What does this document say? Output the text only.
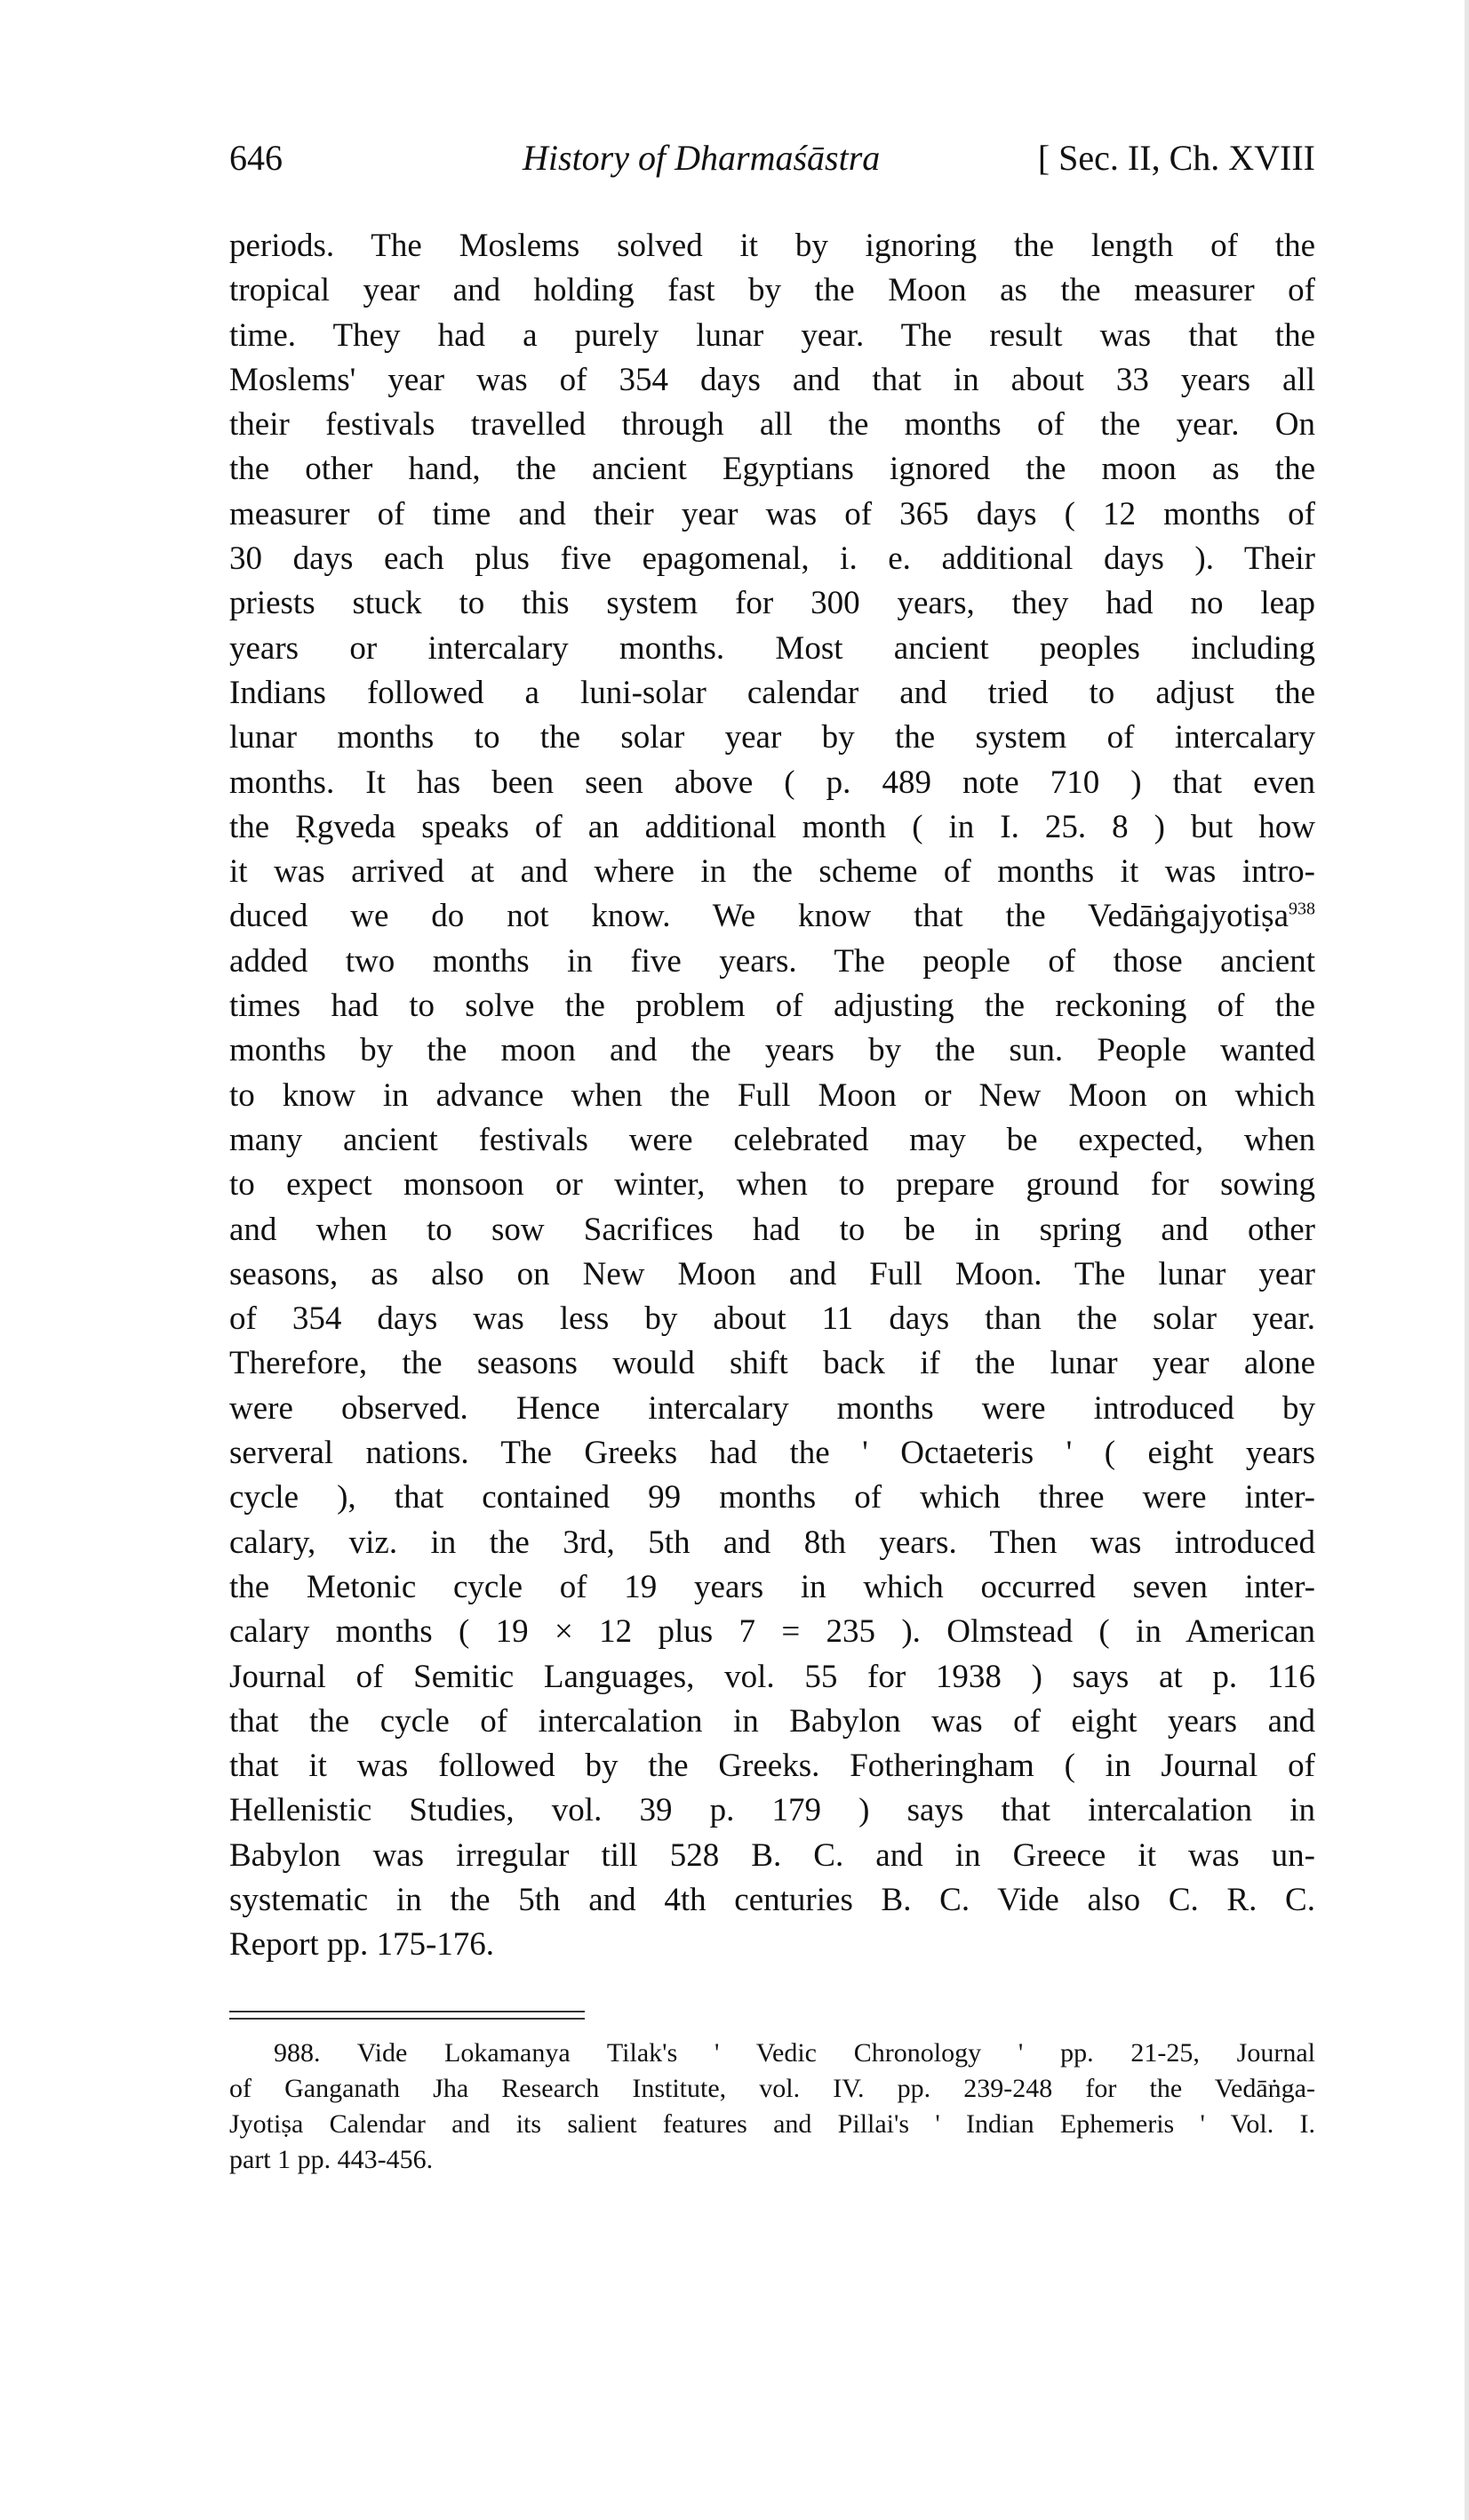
646	History of Dharmaśāstra	[ Sec. II, Ch. XVIII
periods. The Moslems solved it by ignoring the length of the
tropical year and holding fast by the Moon as the measurer of
time. They had a purely lunar year. The result was that the
Moslems' year was of 354 days and that in about 33 years all
their festivals travelled through all the months of the year. On
the other hand, the ancient Egyptians ignored the moon as the
measurer of time and their year was of 365 days ( 12 months of
30 days each plus five epagomenal, i. e. additional days ). Their
priests stuck to this system for 300 years, they had no leap
years or intercalary months. Most ancient peoples including
Indians followed a luni-solar calendar and tried to adjust the
lunar months to the solar year by the system of intercalary
months. It has been seen above ( p. 489 note 710 ) that even
the Ṛgveda speaks of an additional month ( in I. 25. 8 ) but how
it was arrived at and where in the scheme of months it was intro-
duced we do not know. We know that the Vedāṅgajyotiṣa$^{938}$
added two months in five years. The people of those ancient
times had to solve the problem of adjusting the reckoning of the
months by the moon and the years by the sun. People wanted
to know in advance when the Full Moon or New Moon on which
many ancient festivals were celebrated may be expected, when
to expect monsoon or winter, when to prepare ground for sowing
and when to sow Sacrifices had to be in spring and other
seasons, as also on New Moon and Full Moon. The lunar year
of 354 days was less by about 11 days than the solar year.
Therefore, the seasons would shift back if the lunar year alone
were observed. Hence intercalary months were introduced by
serveral nations. The Greeks had the ' Octaeteris ' ( eight years
cycle ), that contained 99 months of which three were inter-
calary, viz. in the 3rd, 5th and 8th years. Then was introduced
the Metonic cycle of 19 years in which occurred seven inter-
calary months ( 19 × 12 plus 7 = 235 ). Olmstead ( in American
Journal of Semitic Languages, vol. 55 for 1938 ) says at p. 116
that the cycle of intercalation in Babylon was of eight years and
that it was followed by the Greeks. Fotheringham ( in Journal of
Hellenistic Studies, vol. 39 p. 179 ) says that intercalation in
Babylon was irregular till 528 B. C. and in Greece it was un-
systematic in the 5th and 4th centuries B. C. Vide also C. R. C.
Report pp. 175-176.
988. Vide Lokamanya Tilak's ' Vedic Chronology ' pp. 21-25, Journal
of Ganganath Jha Research Institute, vol. IV. pp. 239-248 for the Vedāṅga-
Jyotiṣa Calendar and its salient features and Pillai's ' Indian Ephemeris ' Vol. I.
part 1 pp. 443-456.
